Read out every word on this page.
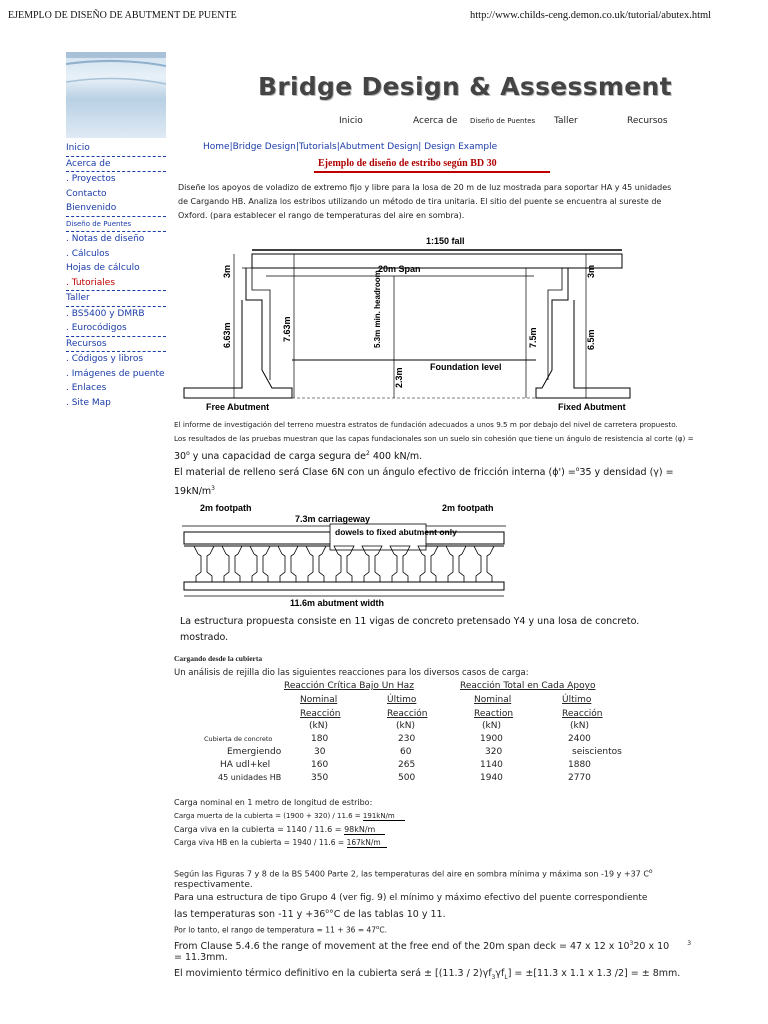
EJEMPLO DE DISEÑO DE ABUTMENT DE PUENTE	http://www.childs-ceng.demon.co.uk/tutorial/abutex.html
Bridge Design & Assessment
Inicio	Acerca de Diseño de Puentes Taller	Recursos
Inicio
Acerca de
. Proyectos
Contacto
Bienvenido
Diseño de Puentes
. Notas de diseño
. Cálculos
Hojas de cálculo
. Tutoriales
Taller
. BS5400 y DMRB
. Eurocódigos
Recursos
. Códigos y libros
. Imágenes de puente
. Enlaces
. Site Map
Home|Bridge Design|Tutorials|Abutment Design| Design Example
Ejemplo de diseño de estribo según BD 30
Diseñe los apoyos de voladizo de extremo fijo y libre para la losa de 20 m de luz mostrada para soportar HA y 45 unidades de Cargando HB. Analiza los estribos utilizando un método de tira unitaria. El sitio del puente se encuentra al sureste de Oxford. (para establecer el rango de temperaturas del aire en sombra).
1:150 fall
20m Span
3m
6.63m	7.63m	5.3m min. headroom
2.3m
Foundation level
7.5m
3m
6.5m
Free Abutment	Fixed Abutment
El informe de investigación del terreno muestra estratos de fundación adecuados a unos 9.5 m por debajo del nivel de carretera propuesto.
Los resultados de las pruebas muestran que las capas fundacionales son un suelo sin cohesión que tiene un ángulo de resistencia al corte (φ) =
$30^o$ y una capacidad de carga segura $de^2$ 400 kN/m.
El material de relleno será Clase 6N con un ángulo efectivo de fricción interna (ϕ') =$^o$35 y densidad (γ) =
$19kN/m^3$
2m footpath
7.3m carriageway
2m footpath
dowels to fixed abutment only
11.6m abutment width
La estructura propuesta consiste en 11 vigas de concreto pretensado Y4 y una losa de concreto. mostrado.
Cargando desde la cubierta
Un análisis de rejilla dio las siguientes reacciones para los diversos casos de carga:
Reacción Crítica Bajo Un Haz	Reacción Total en Cada Apoyo
Nominal	Último	Nominal	Último
Reacción	Reacción	Reaction	Reacción
(kN)	(kN)	(kN)	(kN)
Cubierta de concreto	180	230	1900	2400
Emergiendo	30	60	320	seiscientos
HA udl+kel	160	265	1140	1880
45 unidades HB	350	500	1940	2770
Carga nominal en 1 metro de longitud de estribo:
Carga muerta de la cubierta = (1900 + 320) / 11.6 = 191kN/m
Carga viva en la cubierta = 1140 / 11.6 = 98kN/m
Carga viva HB en la cubierta = 1940 / 11.6 = 167kN/m
Según las Figuras 7 y 8 de la BS 5400 Parte 2, las temperaturas del aire en sombra mínima y máxima son -19 y +37 $C^o$
respectivamente.
Para una estructura de tipo Grupo 4 (ver fig. 9) el mínimo y máximo efectivo del puente correspondiente
las temperaturas son -11 $y +36^o^\circ C$ de las tablas 10 y 11.
Por lo tanto, el rango de temperatura = $11 + 36 = 47^oC$.
From Clause 5.4.6 the range of movement at the free end of the 20m span deck = 47 x 12 x $10^320$ x 10	$^3$
= 11.3mm.
El movimiento térmico definitivo en la cubierta será ± $[(11.3 / 2)\gamma f_3\gamma f_L] = \pm[11.3$ x 1.1 x 1.3 /2] = ± 8mm.
